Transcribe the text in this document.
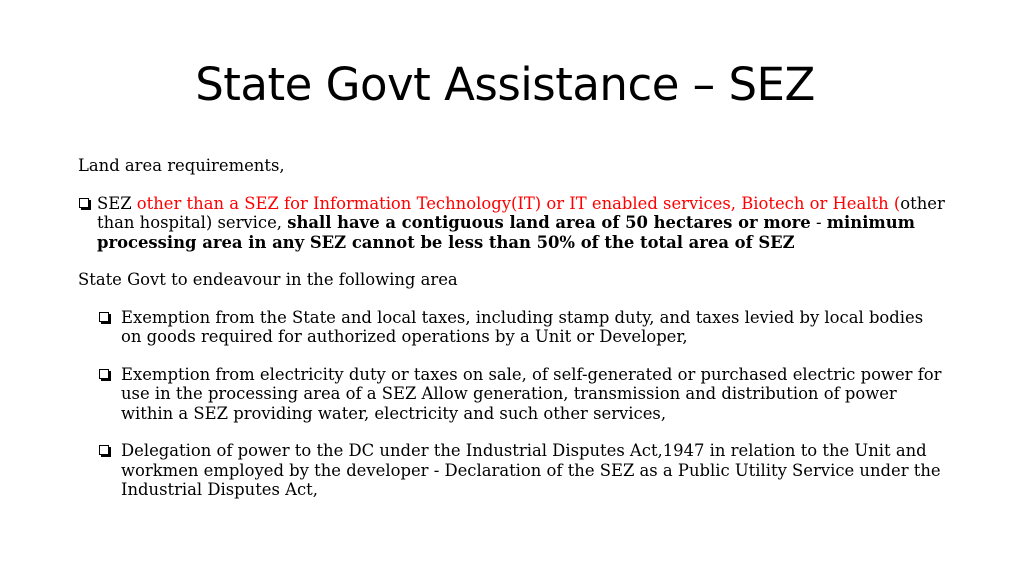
State Govt Assistance – SEZ

Land area requirements,

SEZ other than a SEZ for Information Technology(IT) or IT enabled services, Biotech or Health (other than hospital) service, shall have a contiguous land area of 50 hectares or more - minimum processing area in any SEZ cannot be less than 50% of the total area of SEZ

State Govt to endeavour in the following area

Exemption from the State and local taxes, including stamp duty, and taxes levied by local bodies on goods required for authorized operations by a Unit or Developer,
Exemption from electricity duty or taxes on sale, of self-generated or purchased electric power for use in the processing area of a SEZ Allow generation, transmission and distribution of power within a SEZ providing water, electricity and such other services,
Delegation of power to the DC under the Industrial Disputes Act,1947 in relation to the Unit and workmen employed by the developer - Declaration of the SEZ as a Public Utility Service under the Industrial Disputes Act,
